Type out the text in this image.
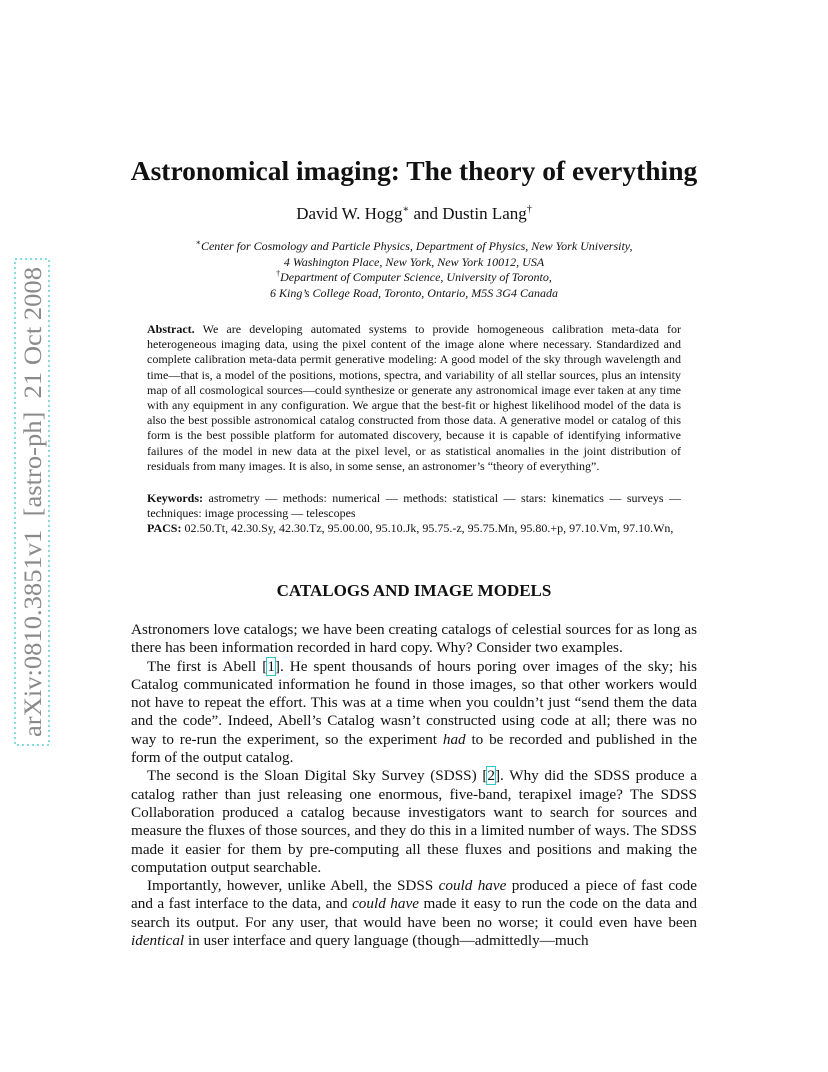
arXiv:0810.3851v1  [astro-ph]  21 Oct 2008
Astronomical imaging: The theory of everything
David W. Hogg∗ and Dustin Lang†
∗Center for Cosmology and Particle Physics, Department of Physics, New York University,
4 Washington Place, New York, New York 10012, USA
†Department of Computer Science, University of Toronto,
6 King’s College Road, Toronto, Ontario, M5S 3G4 Canada

Abstract. We are developing automated systems to provide homogeneous calibration meta-data for heterogeneous imaging data, using the pixel content of the image alone where necessary. Standardized and complete calibration meta-data permit generative modeling: A good model of the sky through wavelength and time—that is, a model of the positions, motions, spectra, and variability of all stellar sources, plus an intensity map of all cosmological sources—could synthesize or generate any astronomical image ever taken at any time with any equipment in any configuration. We argue that the best-fit or highest likelihood model of the data is also the best possible astronomical catalog constructed from those data. A generative model or catalog of this form is the best possible platform for automated discovery, because it is capable of identifying informative failures of the model in new data at the pixel level, or as statistical anomalies in the joint distribution of residuals from many images. It is also, in some sense, an astronomer’s “theory of everything”.

Keywords: astrometry — methods: numerical — methods: statistical — stars: kinematics — surveys — techniques: image processing — telescopes

PACS: 02.50.Tt, 42.30.Sy, 42.30.Tz, 95.00.00, 95.10.Jk, 95.75.-z, 95.75.Mn, 95.80.+p, 97.10.Vm, 97.10.Wn,

CATALOGS AND IMAGE MODELS

Astronomers love catalogs; we have been creating catalogs of celestial sources for as long as there has been information recorded in hard copy. Why? Consider two examples.

The first is Abell [1]. He spent thousands of hours poring over images of the sky; his Catalog communicated information he found in those images, so that other workers would not have to repeat the effort. This was at a time when you couldn’t just “send them the data and the code”. Indeed, Abell’s Catalog wasn’t constructed using code at all; there was no way to re-run the experiment, so the experiment had to be recorded and published in the form of the output catalog.

The second is the Sloan Digital Sky Survey (SDSS) [2]. Why did the SDSS produce a catalog rather than just releasing one enormous, five-band, terapixel image? The SDSS Collaboration produced a catalog because investigators want to search for sources and measure the fluxes of those sources, and they do this in a limited number of ways. The SDSS made it easier for them by pre-computing all these fluxes and positions and making the computation output searchable.

Importantly, however, unlike Abell, the SDSS could have produced a piece of fast code and a fast interface to the data, and could have made it easy to run the code on the data and search its output. For any user, that would have been no worse; it could even have been identical in user interface and query language (though—admittedly—much
